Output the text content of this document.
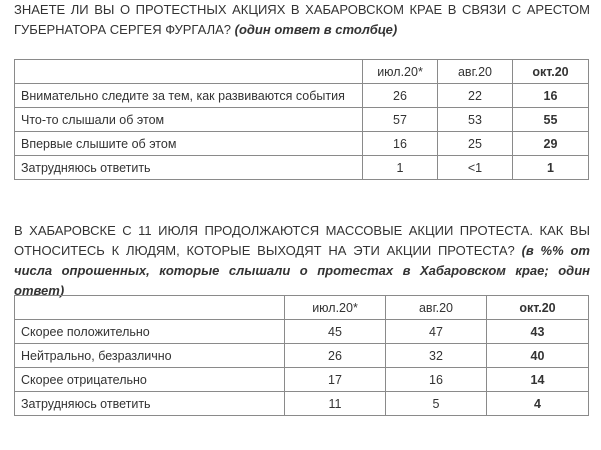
ЗНАЕТЕ ЛИ ВЫ О ПРОТЕСТНЫХ АКЦИЯХ В ХАБАРОВСКОМ КРАЕ В СВЯЗИ С АРЕСТОМ ГУБЕРНАТОРА СЕРГЕЯ ФУРГАЛА? (один ответ в столбце)

	июл.20*	авг.20	окт.20
Внимательно следите за тем, как развиваются события	26	22	16
Что-то слышали об этом	57	53	55
Впервые слышите об этом	16	25	29
Затрудняюсь ответить	1	<1	1

В ХАБАРОВСКЕ С 11 ИЮЛЯ ПРОДОЛЖАЮТСЯ МАССОВЫЕ АКЦИИ ПРОТЕСТА. КАК ВЫ ОТНОСИТЕСЬ К ЛЮДЯМ, КОТОРЫЕ ВЫХОДЯТ НА ЭТИ АКЦИИ ПРОТЕСТА? (в %% от числа опрошенных, которые слышали о протестах в Хабаровском крае; один ответ)

	июл.20*	авг.20	окт.20
Скорее положительно	45	47	43
Нейтрально, безразлично	26	32	40
Скорее отрицательно	17	16	14
Затрудняюсь ответить	11	5	4
